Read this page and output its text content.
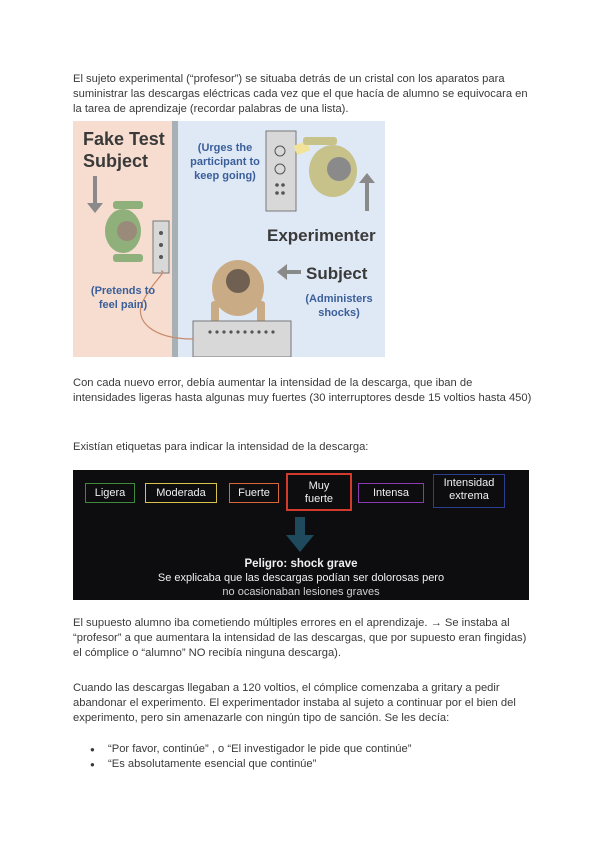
El sujeto experimental (“profesor”) se situaba detrás de un cristal con los aparatos para suministrar las descargas eléctricas cada vez que el que hacía de alumno se equivocara en la tarea de aprendizaje (recordar palabras de una lista).

Fake Test
Subject
(Pretends to
feel pain)
(Urges the
participant to
keep going)
Experimenter
Subject
(Administers
shocks)

Con cada nuevo error, debía aumentar la intensidad de la descarga, que iban de intensidades ligeras hasta algunas muy fuertes (30 interruptores desde 15 voltios hasta 450)

Existían etiquetas para indicar la intensidad de la descarga:

Ligera	Moderada	Fuerte
Muy fuerte	Intensa
Intensidad extrema
Peligro: shock grave
Se explicaba que las descargas podían ser dolorosas pero
no ocasionaban lesiones graves

El supuesto alumno iba cometiendo múltiples errores en el aprendizaje. → Se instaba al “profesor” a que aumentara la intensidad de las descargas, que por supuesto eran fingidas) el cómplice o “alumno” NO recibía ninguna descarga).

Cuando las descargas llegaban a 120 voltios, el cómplice comenzaba a gritary a pedir abandonar el experimento. El experimentador instaba al sujeto a continuar por el bien del experimento, pero sin amenazarle con ningún tipo de sanción. Se les decía:

● “Por favor, continúe” , o “El investigador le pide que continúe”
● “Es absolutamente esencial que continúe”
